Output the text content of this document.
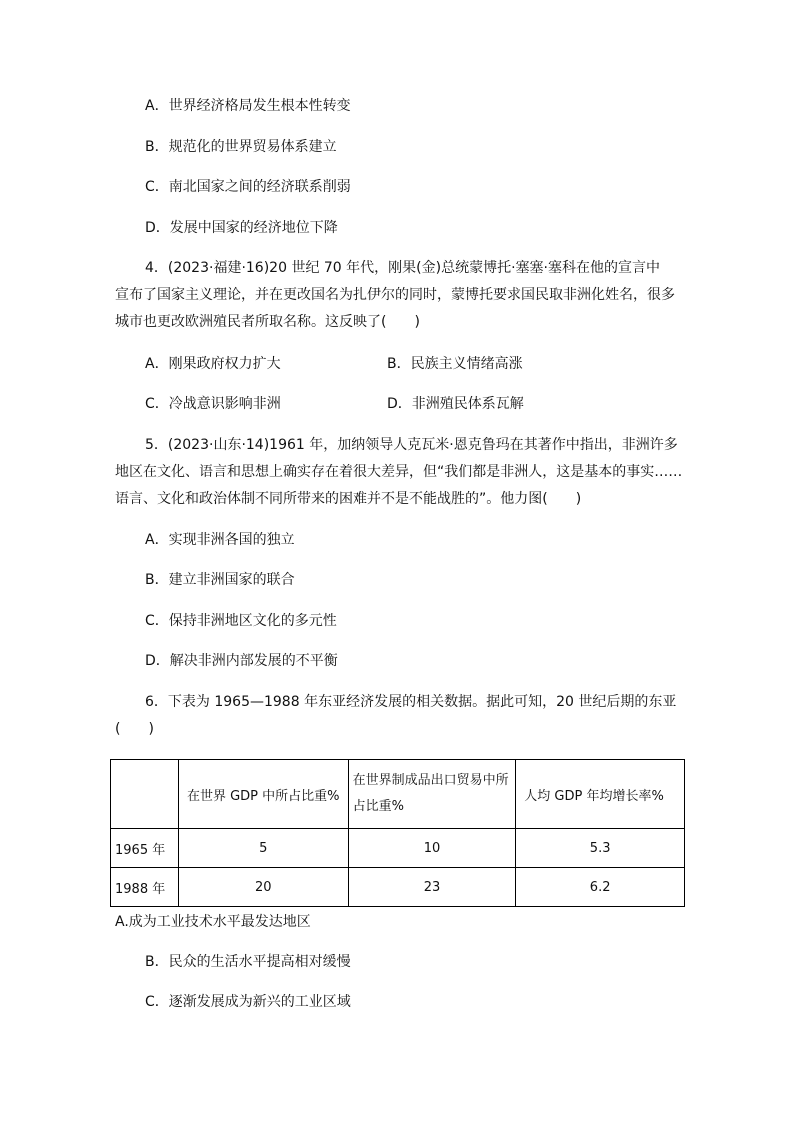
A．世界经济格局发生根本性转变
B．规范化的世界贸易体系建立
C．南北国家之间的经济联系削弱
D．发展中国家的经济地位下降
4．(2023·福建·16)20 世纪 70 年代，刚果(金)总统蒙博托·塞塞·塞科在他的宣言中
宣布了国家主义理论，并在更改国名为扎伊尔的同时，蒙博托要求国民取非洲化姓名，很多
城市也更改欧洲殖民者所取名称。这反映了(　　)
A．刚果政府权力扩大	B．民族主义情绪高涨
C．冷战意识影响非洲	D．非洲殖民体系瓦解
5．(2023·山东·14)1961 年，加纳领导人克瓦米·恩克鲁玛在其著作中指出，非洲许多
地区在文化、语言和思想上确实存在着很大差异，但“我们都是非洲人，这是基本的事实……
语言、文化和政治体制不同所带来的困难并不是不能战胜的”。他力图(　　)
A．实现非洲各国的独立
B．建立非洲国家的联合
C．保持非洲地区文化的多元性
D．解决非洲内部发展的不平衡
6．下表为 1965—1988 年东亚经济发展的相关数据。据此可知，20 世纪后期的东亚
(　　)
	在世界 GDP 中所占比重%	在世界制成品出口贸易中所占比重%	人均 GDP 年均增长率%
1965 年	5	10	5.3
1988 年	20	23	6.2
A.成为工业技术水平最发达地区
B．民众的生活水平提高相对缓慢
C．逐渐发展成为新兴的工业区域
